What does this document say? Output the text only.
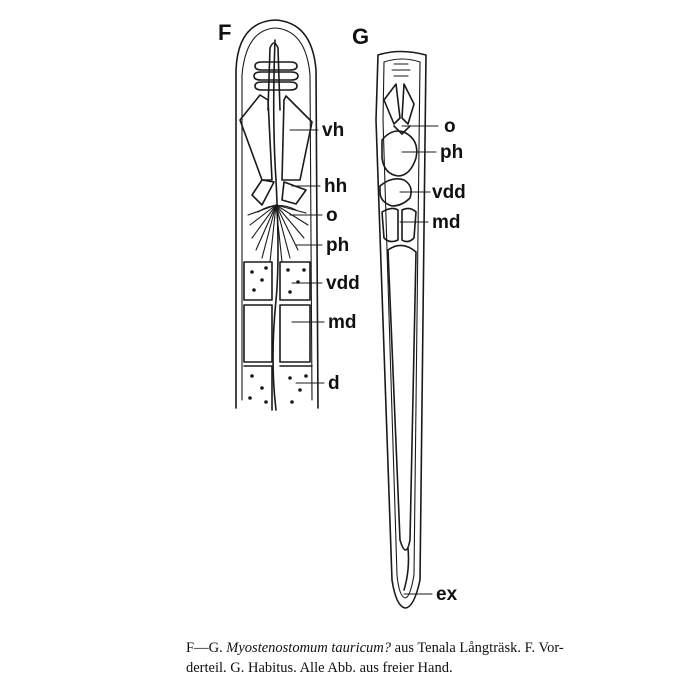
F	G
vh
hh
o
ph
vdd
md
d
o
ph
vdd
md
ex

F—G. Myostenostomum tauricum? aus Tenala Långträsk. F. Vor-
derteil. G. Habitus. Alle Abb. aus freier Hand.
